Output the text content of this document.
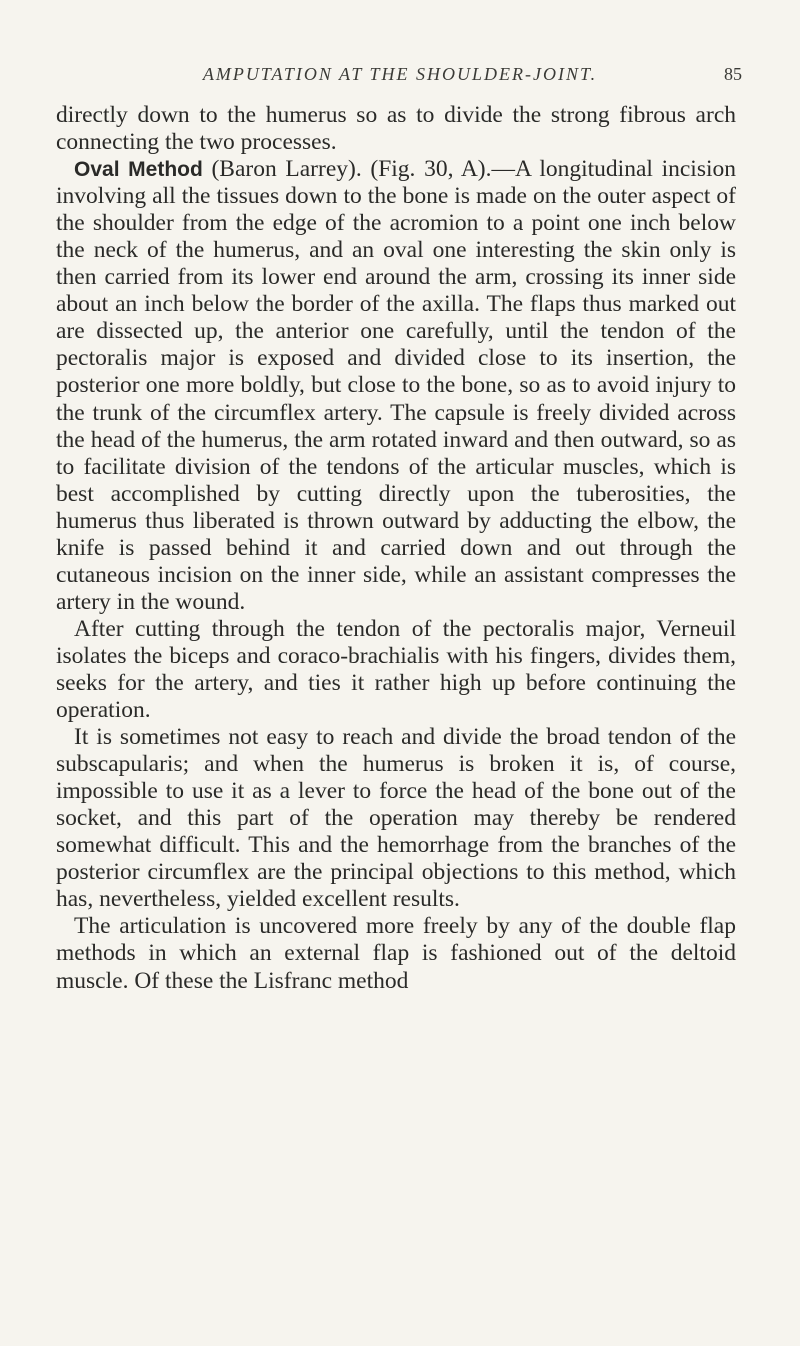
AMPUTATION AT THE SHOULDER-JOINT.	85

directly down to the humerus so as to divide the strong fibrous arch connecting the two processes.

Oval Method (Baron Larrey). (Fig. 30, A).—A longitudinal incision involving all the tissues down to the bone is made on the outer aspect of the shoulder from the edge of the acromion to a point one inch below the neck of the humerus, and an oval one interesting the skin only is then carried from its lower end around the arm, crossing its inner side about an inch below the border of the axilla. The flaps thus marked out are dissected up, the anterior one carefully, until the tendon of the pectoralis major is exposed and divided close to its insertion, the posterior one more boldly, but close to the bone, so as to avoid injury to the trunk of the circumflex artery. The capsule is freely divided across the head of the humerus, the arm rotated inward and then outward, so as to facilitate division of the tendons of the articular muscles, which is best accomplished by cutting directly upon the tuberosities, the humerus thus liberated is thrown outward by adducting the elbow, the knife is passed behind it and carried down and out through the cutaneous incision on the inner side, while an assistant compresses the artery in the wound.

After cutting through the tendon of the pectoralis major, Verneuil isolates the biceps and coraco-brachialis with his fingers, divides them, seeks for the artery, and ties it rather high up before continuing the operation.

It is sometimes not easy to reach and divide the broad tendon of the subscapularis; and when the humerus is broken it is, of course, impossible to use it as a lever to force the head of the bone out of the socket, and this part of the operation may thereby be rendered somewhat difficult. This and the hemorrhage from the branches of the posterior circumflex are the principal objections to this method, which has, nevertheless, yielded excellent results.

The articulation is uncovered more freely by any of the double flap methods in which an external flap is fashioned out of the deltoid muscle. Of these the Lisfranc method
